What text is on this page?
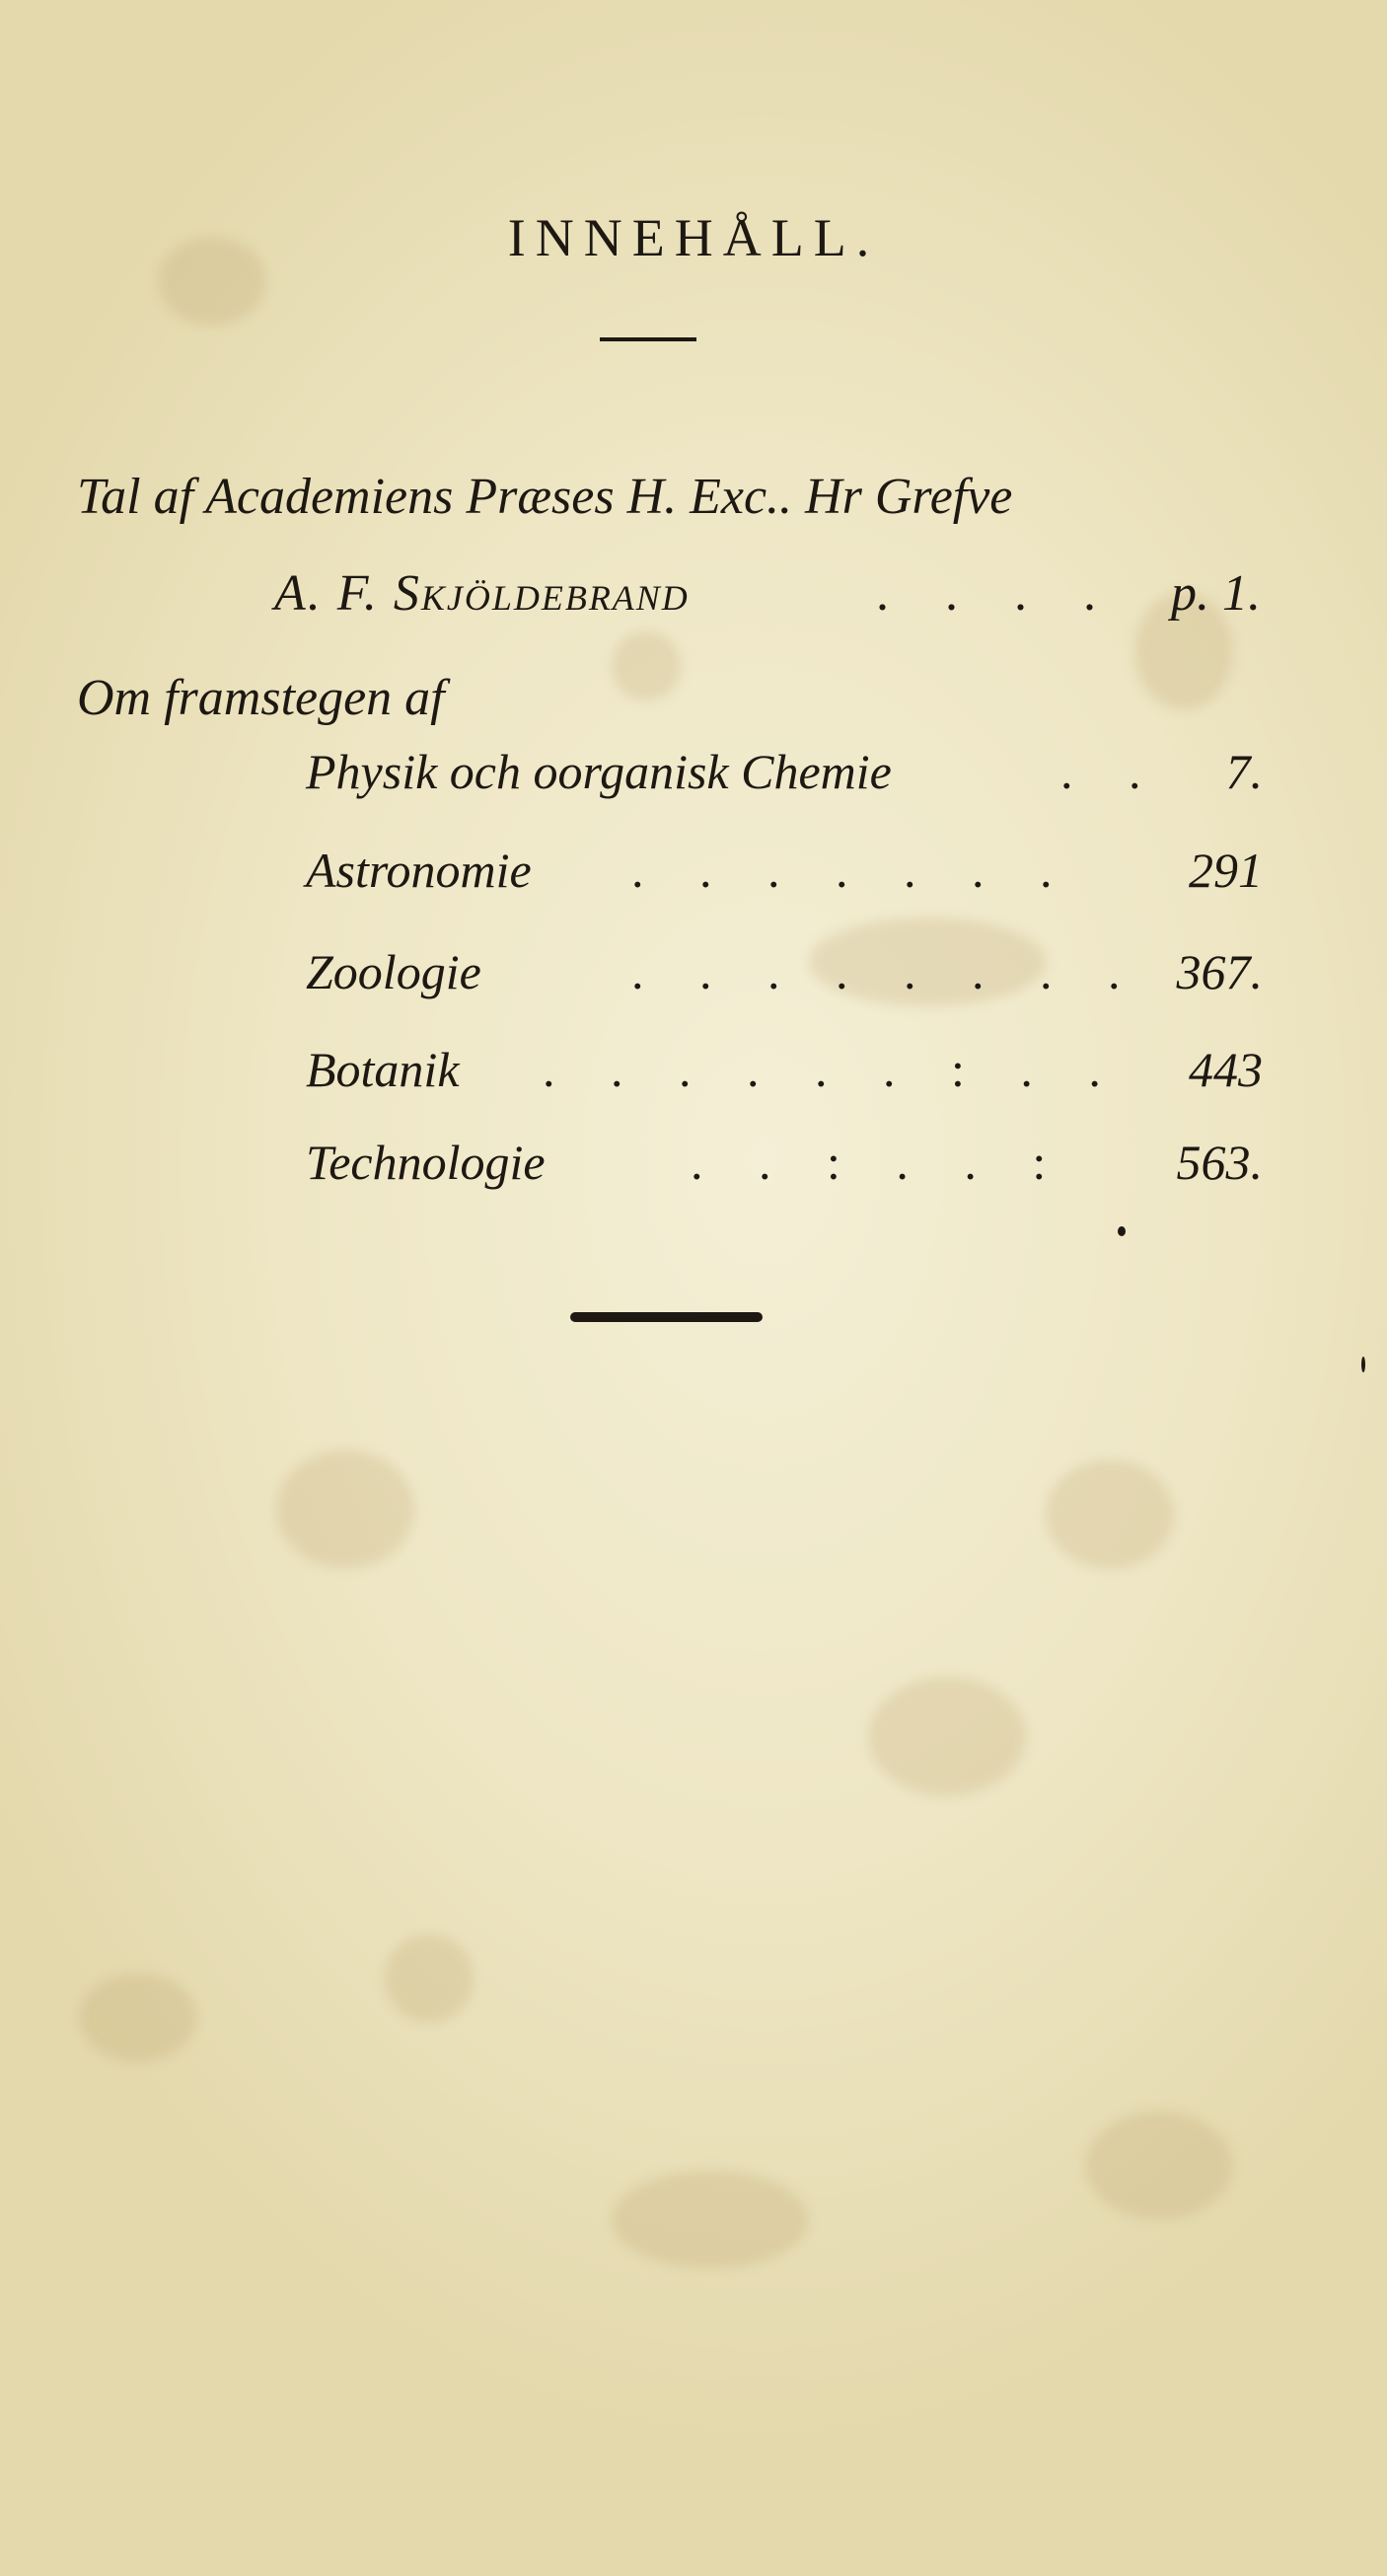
INNEHÅLL.
Tal af Academiens Præses H. Exc.. Hr Grefve
A. F. Skjöldebrand	. . . . p. 1.
Om framstegen af
Physik och oorganisk Chemie	. . 7.
Astronomie . . . . . . . 291
Zoologie	. . . . . . . . 367.
Botanik . . . . . . : . . 443
Technologie	. . : . . : 563.
